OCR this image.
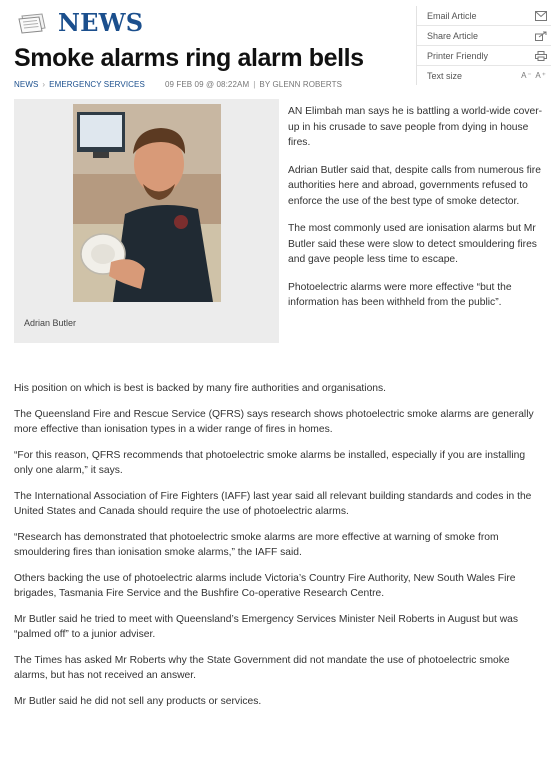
NEWS
Smoke alarms ring alarm bells
NEWS › EMERGENCY SERVICES	09 FEB 09 @ 08:22AM | BY GLENN ROBERTS
Email Article
Share Article
Printer Friendly
Text size	A⁻ A⁺
Adrian Butler

AN Elimbah man says he is battling a world-wide cover-up in his crusade to save people from dying in house fires.

Adrian Butler said that, despite calls from numerous fire authorities here and abroad, governments refused to enforce the use of the best type of smoke detector.

The most commonly used are ionisation alarms but Mr Butler said these were slow to detect smouldering fires and gave people less time to escape.

Photoelectric alarms were more effective “but the information has been withheld from the public”.

His position on which is best is backed by many fire authorities and organisations.

The Queensland Fire and Rescue Service (QFRS) says research shows photoelectric smoke alarms are generally more effective than ionisation types in a wider range of fires in homes.

“For this reason, QFRS recommends that photoelectric smoke alarms be installed, especially if you are installing only one alarm,” it says.

The International Association of Fire Fighters (IAFF) last year said all relevant building standards and codes in the United States and Canada should require the use of photoelectric alarms.

“Research has demonstrated that photoelectric smoke alarms are more effective at warning of smoke from smouldering fires than ionisation smoke alarms,” the IAFF said.

Others backing the use of photoelectric alarms include Victoria’s Country Fire Authority, New South Wales Fire brigades, Tasmania Fire Service and the Bushfire Co-operative Research Centre.

Mr Butler said he tried to meet with Queensland’s Emergency Services Minister Neil Roberts in August but was “palmed off” to a junior adviser.

The Times has asked Mr Roberts why the State Government did not mandate the use of photoelectric smoke alarms, but has not received an answer.

Mr Butler said he did not sell any products or services.
